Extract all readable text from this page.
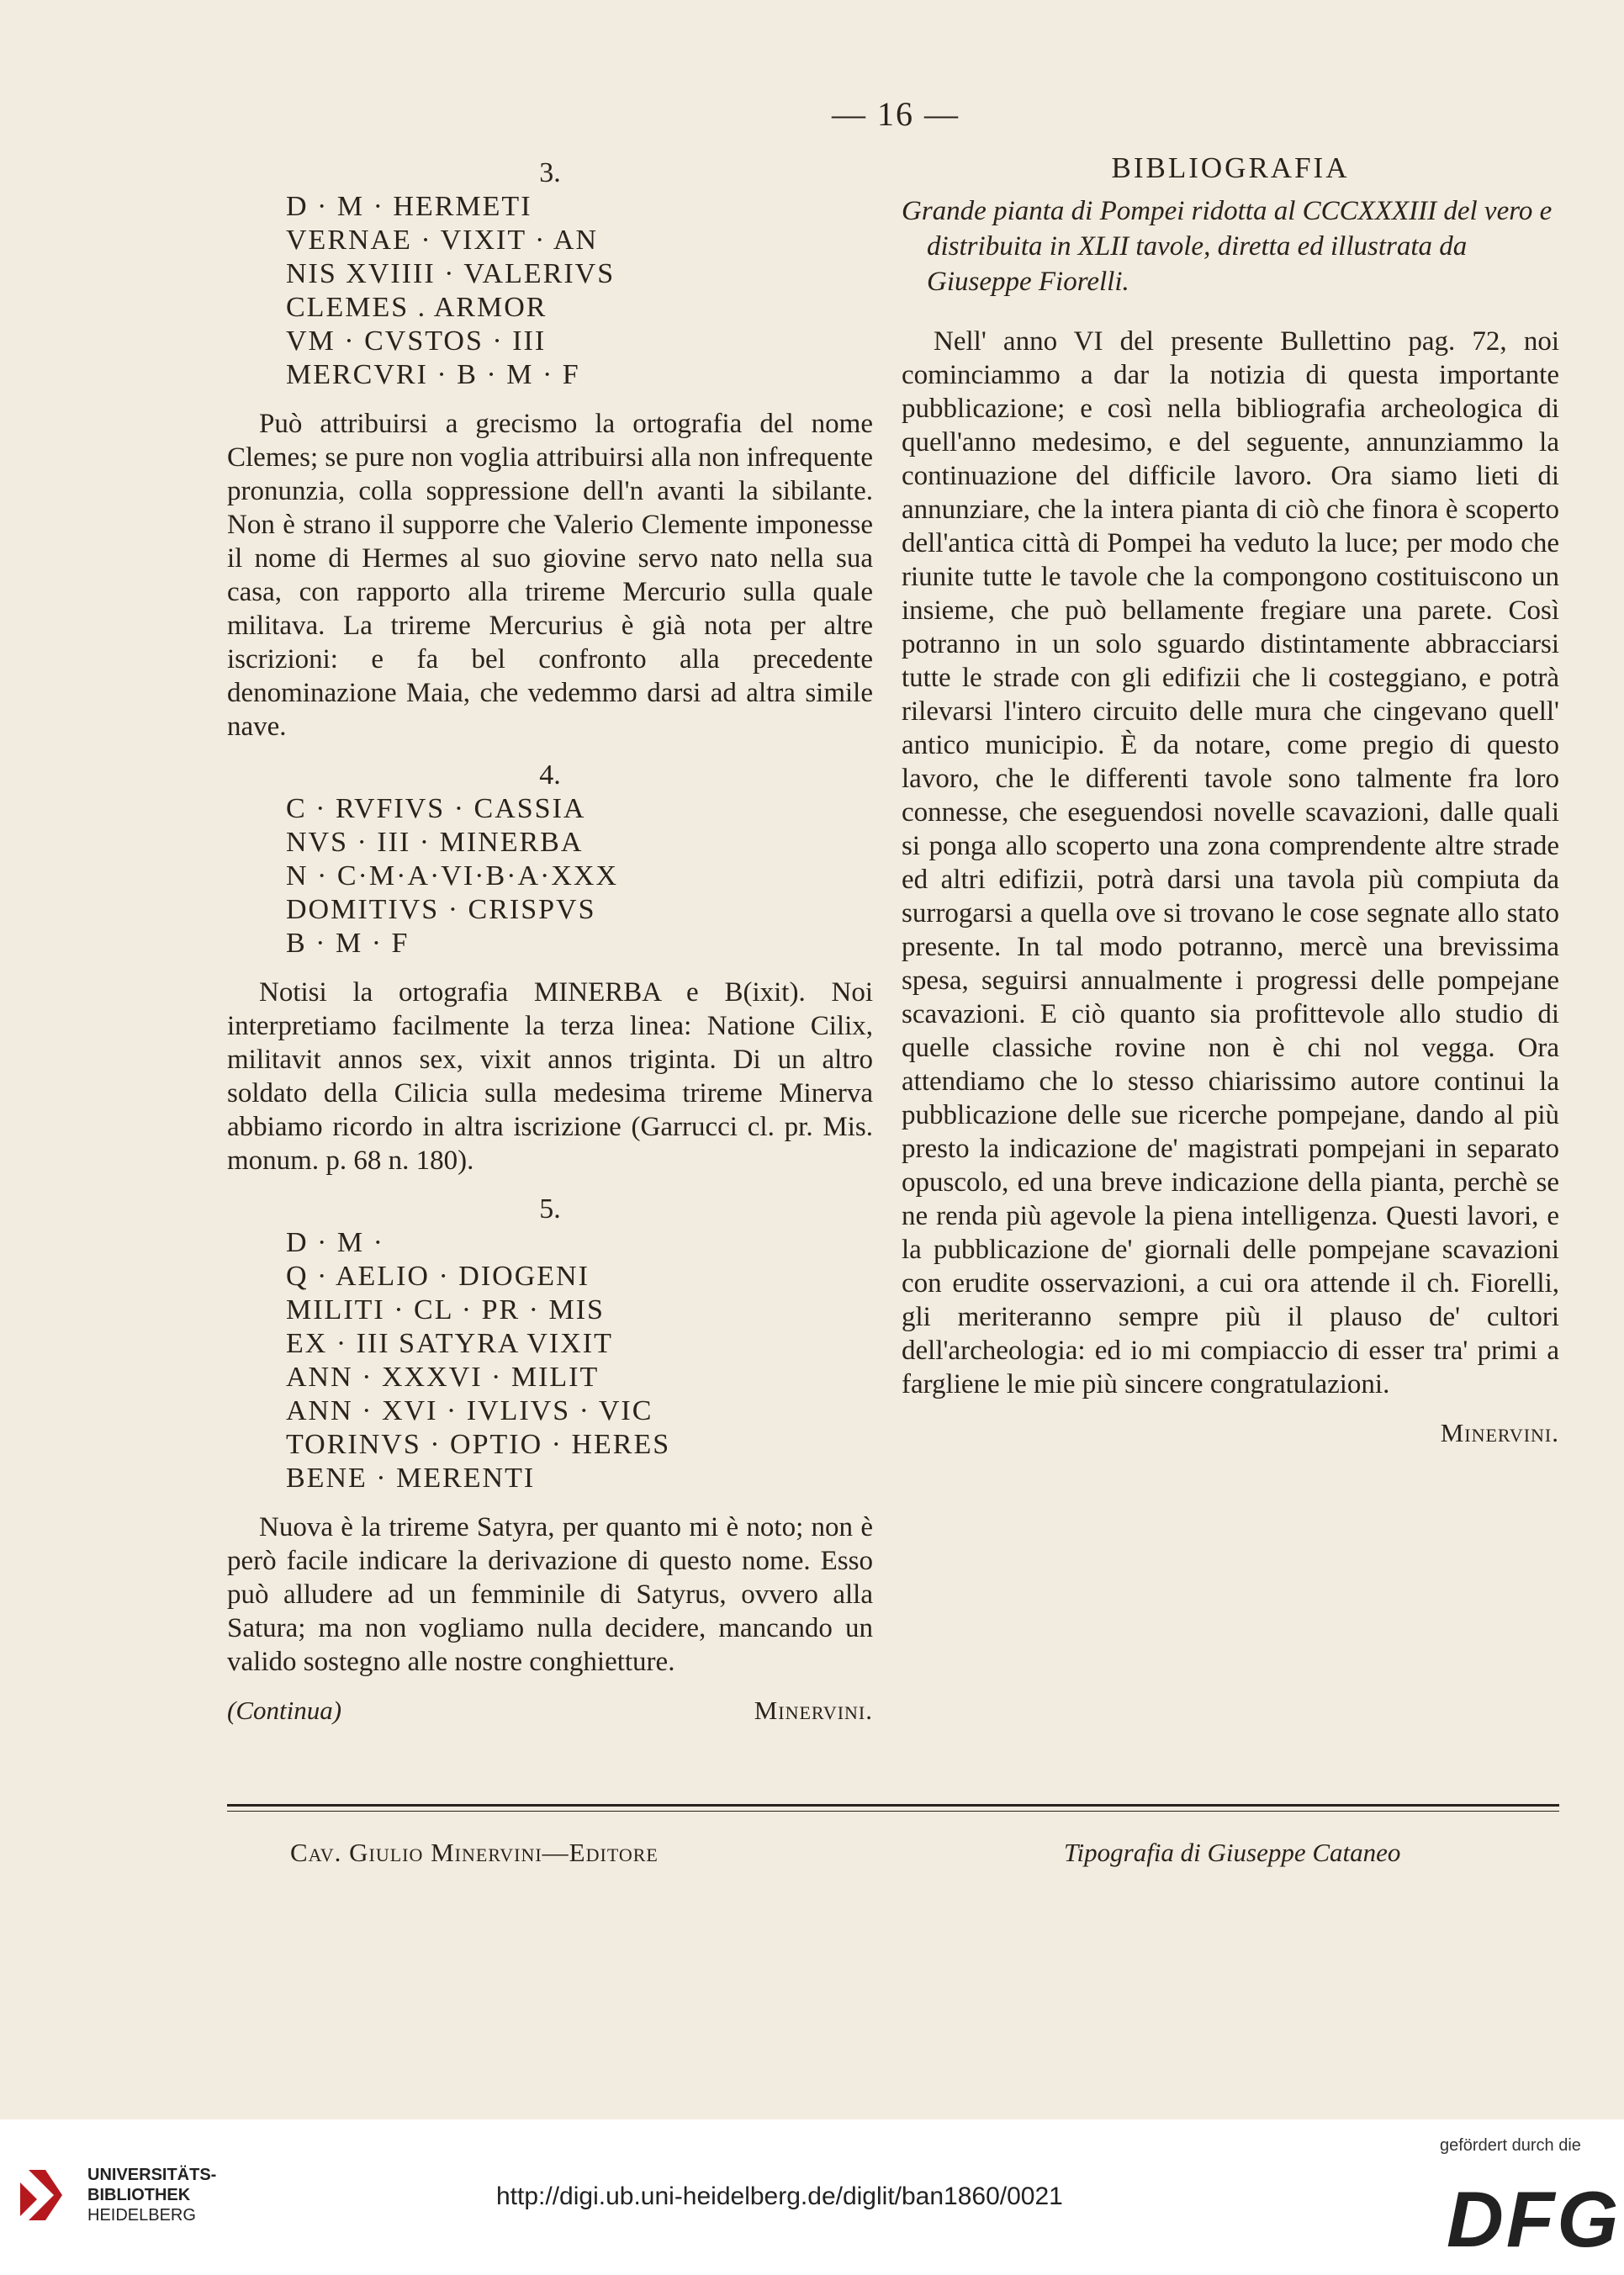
— 16 —
3.
D · M · HERMETI
VERNAE · VIXIT · AN
NIS XVIIII · VALERIVS
CLEMES . ARMOR
VM · CVSTOS · III
MERCVRI · B · M · F

Può attribuirsi a grecismo la ortografia del nome Clemes; se pure non voglia attribuirsi alla non infrequente pronunzia, colla soppressione dell'n avanti la sibilante. Non è strano il supporre che Valerio Clemente imponesse il nome di Hermes al suo giovine servo nato nella sua casa, con rapporto alla trireme Mercurio sulla quale militava. La trireme Mercurius è già nota per altre iscrizioni: e fa bel confronto alla precedente denominazione Maia, che vedemmo darsi ad altra simile nave.

4.
C · RVFIVS · CASSIA
NVS · III · MINERBA
N · C·M·A·VI·B·A·XXX
DOMITIVS · CRISPVS
B · M · F

Notisi la ortografia MINERBA e B(ixit). Noi interpretiamo facilmente la terza linea: Natione Cilix, militavit annos sex, vixit annos triginta. Di un altro soldato della Cilicia sulla medesima trireme Minerva abbiamo ricordo in altra iscrizione (Garrucci cl. pr. Mis. monum. p. 68 n. 180).

5.
D · M ·
Q · AELIO · DIOGENI
MILITI · CL · PR · MIS
EX · III SATYRA VIXIT
ANN · XXXVI · MILIT
ANN · XVI · IVLIVS · VIC
TORINVS · OPTIO · HERES
BENE · MERENTI

Nuova è la trireme Satyra, per quanto mi è noto; non è però facile indicare la derivazione di questo nome. Esso può alludere ad un femminile di Satyrus, ovvero alla Satura; ma non vogliamo nulla decidere, mancando un valido sostegno alle nostre conghietture.

(Continua)	Minervini.
BIBLIOGRAFIA
Grande pianta di Pompei ridotta al CCCXXXIII del vero e distribuita in XLII tavole, diretta ed illustrata da Giuseppe Fiorelli.

Nell' anno VI del presente Bullettino pag. 72, noi cominciammo a dar la notizia di questa importante pubblicazione; e così nella bibliografia archeologica di quell'anno medesimo, e del seguente, annunziammo la continuazione del difficile lavoro. Ora siamo lieti di annunziare, che la intera pianta di ciò che finora è scoperto dell'antica città di Pompei ha veduto la luce; per modo che riunite tutte le tavole che la compongono costituiscono un insieme, che può bellamente fregiare una parete. Così potranno in un solo sguardo distintamente abbracciarsi tutte le strade con gli edifizii che li costeggiano, e potrà rilevarsi l'intero circuito delle mura che cingevano quell' antico municipio. È da notare, come pregio di questo lavoro, che le differenti tavole sono talmente fra loro connesse, che eseguendosi novelle scavazioni, dalle quali si ponga allo scoperto una zona comprendente altre strade ed altri edifizii, potrà darsi una tavola più compiuta da surrogarsi a quella ove si trovano le cose segnate allo stato presente. In tal modo potranno, mercè una brevissima spesa, seguirsi annualmente i progressi delle pompejane scavazioni. E ciò quanto sia profittevole allo studio di quelle classiche rovine non è chi nol vegga. Ora attendiamo che lo stesso chiarissimo autore continui la pubblicazione delle sue ricerche pompejane, dando al più presto la indicazione de' magistrati pompejani in separato opuscolo, ed una breve indicazione della pianta, perchè se ne renda più agevole la piena intelligenza. Questi lavori, e la pubblicazione de' giornali delle pompejane scavazioni con erudite osservazioni, a cui ora attende il ch. Fiorelli, gli meriteranno sempre più il plauso de' cultori dell'archeologia: ed io mi compiaccio di esser tra' primi a fargliene le mie più sincere congratulazioni.

Minervini.
Cav. Giulio Minervini—Editore	Tipografia di Giuseppe Cataneo
UNIVERSITÄTS-
BIBLIOTHEK
HEIDELBERG
http://digi.ub.uni-heidelberg.de/diglit/ban1860/0021
gefördert durch die
DFG
